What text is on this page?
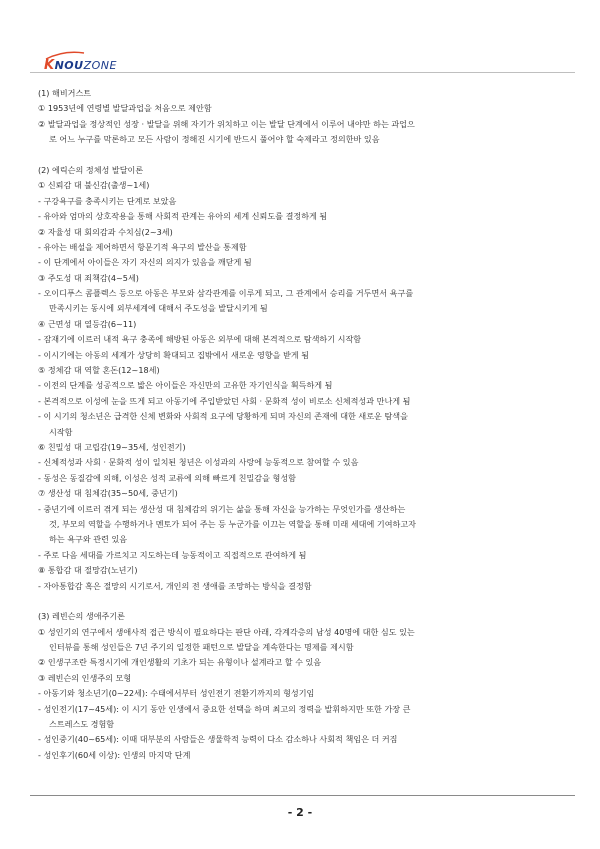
KNOUZONE
(1) 해비거스트
① 1953년에 연령별 발달과업을 처음으로 제안함
② 발달과업을 정상적인 성장 · 발달을 위해 자기가 위치하고 이는 발달 단계에서 이루어 내야만 하는 과업으
로 어느 누구를 막론하고 모든 사람이 정해진 시기에 반드시 풀어야 할 숙제라고 정의한바 있음
(2) 에릭슨의 정체성 발달이론
① 신뢰감 대 불신감(출생~1세)
- 구강욕구를 충족시키는 단계로 보았음
- 유아와 엄마의 상호작용을 통해 사회적 관계는 유아의 세계 신뢰도를 결정하게 됨
② 자율성 대 회의감과 수치심(2~3세)
- 유아는 배설을 제어하면서 항문기적 욕구의 발산을 통제함
- 이 단계에서 아이들은 자기 자신의 의지가 있음을 깨닫게 됨
③ 주도성 대 죄책감(4~5세)
- 오이디푸스 콤플렉스 등으로 아동은 부모와 삼각관계를 이루게 되고, 그 관계에서 승리를 거두면서 욕구를
만족시키는 동시에 외부세계에 대해서 주도성을 발달시키게 됨
④ 근면성 대 열등감(6~11)
- 잠재기에 이르러 내적 욕구 충족에 해방된 아동은 외부에 대해 본격적으로 탐색하기 시작함
- 이시기에는 아동의 세계가 상당히 확대되고 집밖에서 새로운 영향을 받게 됨
⑤ 정체감 대 역할 혼돈(12~18세)
- 이전의 단계를 성공적으로 밟은 아이들은 자신만의 고유한 자기인식을 획득하게 됨
- 본격적으로 이성에 눈을 뜨게 되고 아동기에 주입받았던 사회 · 문화적 성이 비로소 신체적성과 만나게 됨
- 이 시기의 청소년은 급격한 신체 변화와 사회적 요구에 당황하게 되며 자신의 존재에 대한 새로운 탐색을
시작함
⑥ 친밀성 대 고립감(19~35세, 성인전기)
- 신체적성과 사회 · 문화적 성이 일치된 청년은 이성과의 사랑에 능동적으로 참여할 수 있음
- 동성은 동질감에 의해, 이성은 성적 교류에 의해 빠르게 친밀감을 형성함
⑦ 생산성 대 침체감(35~50세, 중년기)
- 중년기에 이르러 겪게 되는 생산성 대 침체감의 위기는 삶을 통해 자신을 능가하는 무엇인가를 생산하는
것, 부모의 역할을 수행하거나 멘토가 되어 주는 등 누군가를 이끄는 역할을 통해 미래 세대에 기여하고자
하는 욕구와 관련 있음
- 주로 다음 세대를 가르치고 지도하는데 능동적이고 직접적으로 관여하게 됨
⑧ 통합감 대 절망감(노년기)
- 자아통합감 혹은 절망의 시기로서, 개인의 전 생애를 조망하는 방식을 결정함
(3) 레빈슨의 생애주기론
① 성인기의 연구에서 생애사적 접근 방식이 필요하다는 판단 아래, 각계각층의 남성 40명에 대한 심도 있는
인터뷰를 통해 성인들은 7년 주기의 일정한 패턴으로 발달을 계속한다는 명제를 제시함
② 인생구조란 특정시기에 개인생활의 기초가 되는 유형이나 설계라고 할 수 있음
③ 레빈슨의 인생주의 모형
- 아동기와 청소년기(0~22세): 수태에서부터 성인전기 전환기까지의 형성기임
- 성인전기(17~45세): 이 시기 동안 인생에서 중요한 선택을 하며 최고의 정력을 발휘하지만 또한 가장 큰
스트레스도 경험함
- 성인중기(40~65세): 이때 대부분의 사람들은 생물학적 능력이 다소 감소하나 사회적 책임은 더 커짐
- 성인후기(60세 이상): 인생의 마지막 단계
- 2 -
